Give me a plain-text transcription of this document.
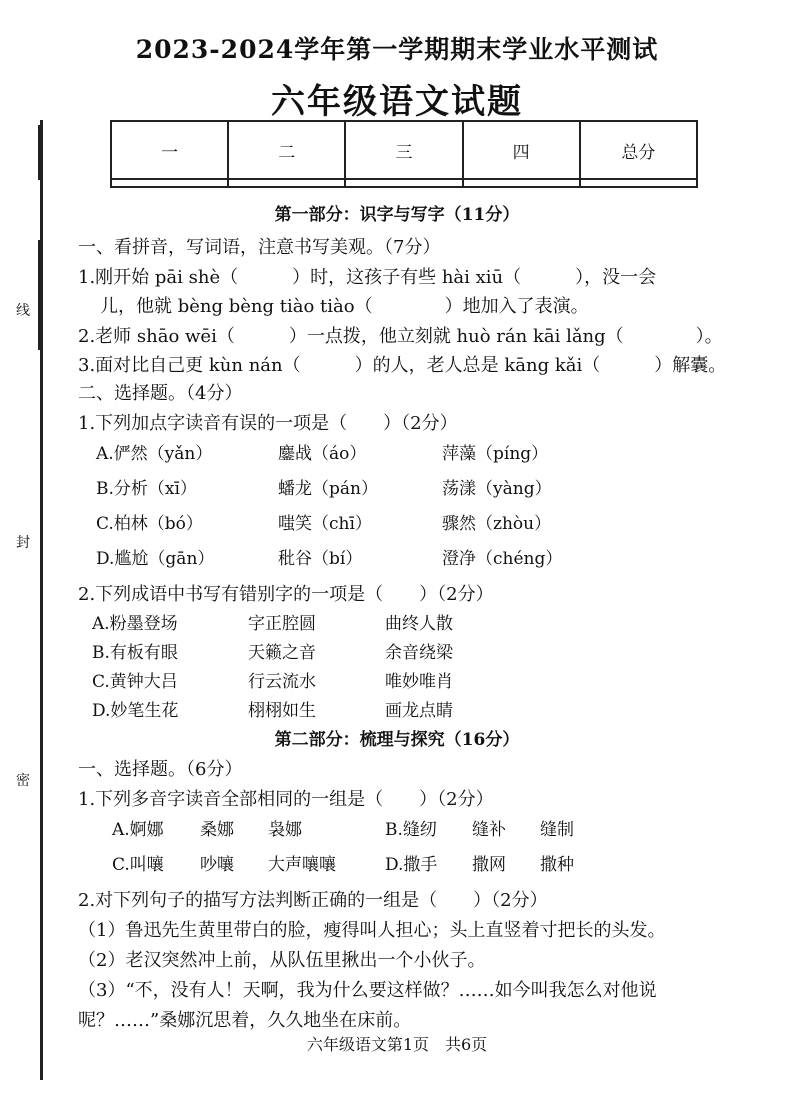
线
封
密
2023-2024学年第一学期期末学业水平测试
六年级语文试题
一	二	三	四	总分

第一部分：识字与写字（11分）
一、看拼音，写词语，注意书写美观。（7分）
1.刚开始 pāi shè（　　　）时，这孩子有些 hài xiū（　　　），没一会
儿，他就 bèng bèng tiào tiào（　　　　）地加入了表演。
2.老师 shāo wēi（　　　）一点拨，他立刻就 huò rán kāi lǎng（　　　　）。
3.面对比自己更 kùn nán（　　　）的人，老人总是 kāng kǎi（　　　）解囊。
二、选择题。（4分）
1.下列加点字读音有误的一项是（　　）（2分）
A.俨然（yǎn）	鏖战（áo）	萍藻（píng）
B.分析（xī）	蟠龙（pán）	荡漾（yàng）
C.柏林（bó）	嗤笑（chī）	骤然（zhòu）
D.尴尬（gān）	秕谷（bí）	澄净（chéng）
2.下列成语中书写有错别字的一项是（　　）（2分）
A.粉墨登场	字正腔圆	曲终人散
B.有板有眼	天籁之音	余音绕梁
C.黄钟大吕	行云流水	唯妙唯肖
D.妙笔生花	栩栩如生	画龙点睛
第二部分：梳理与探究（16分）
一、选择题。（6分）
1.下列多音字读音全部相同的一组是（　　）（2分）
A.婀娜 桑娜 袅娜	B.缝纫 缝补 缝制
C.叫嚷 吵嚷 大声嚷嚷	D.撒手 撒网 撒种
2.对下列句子的描写方法判断正确的一组是（　　）（2分）
（1）鲁迅先生黄里带白的脸，瘦得叫人担心；头上直竖着寸把长的头发。
（2）老汉突然冲上前，从队伍里揪出一个小伙子。
（3）“不，没有人！天啊，我为什么要这样做？……如今叫我怎么对他说
呢？……”桑娜沉思着，久久地坐在床前。
六年级语文第1页　共6页
